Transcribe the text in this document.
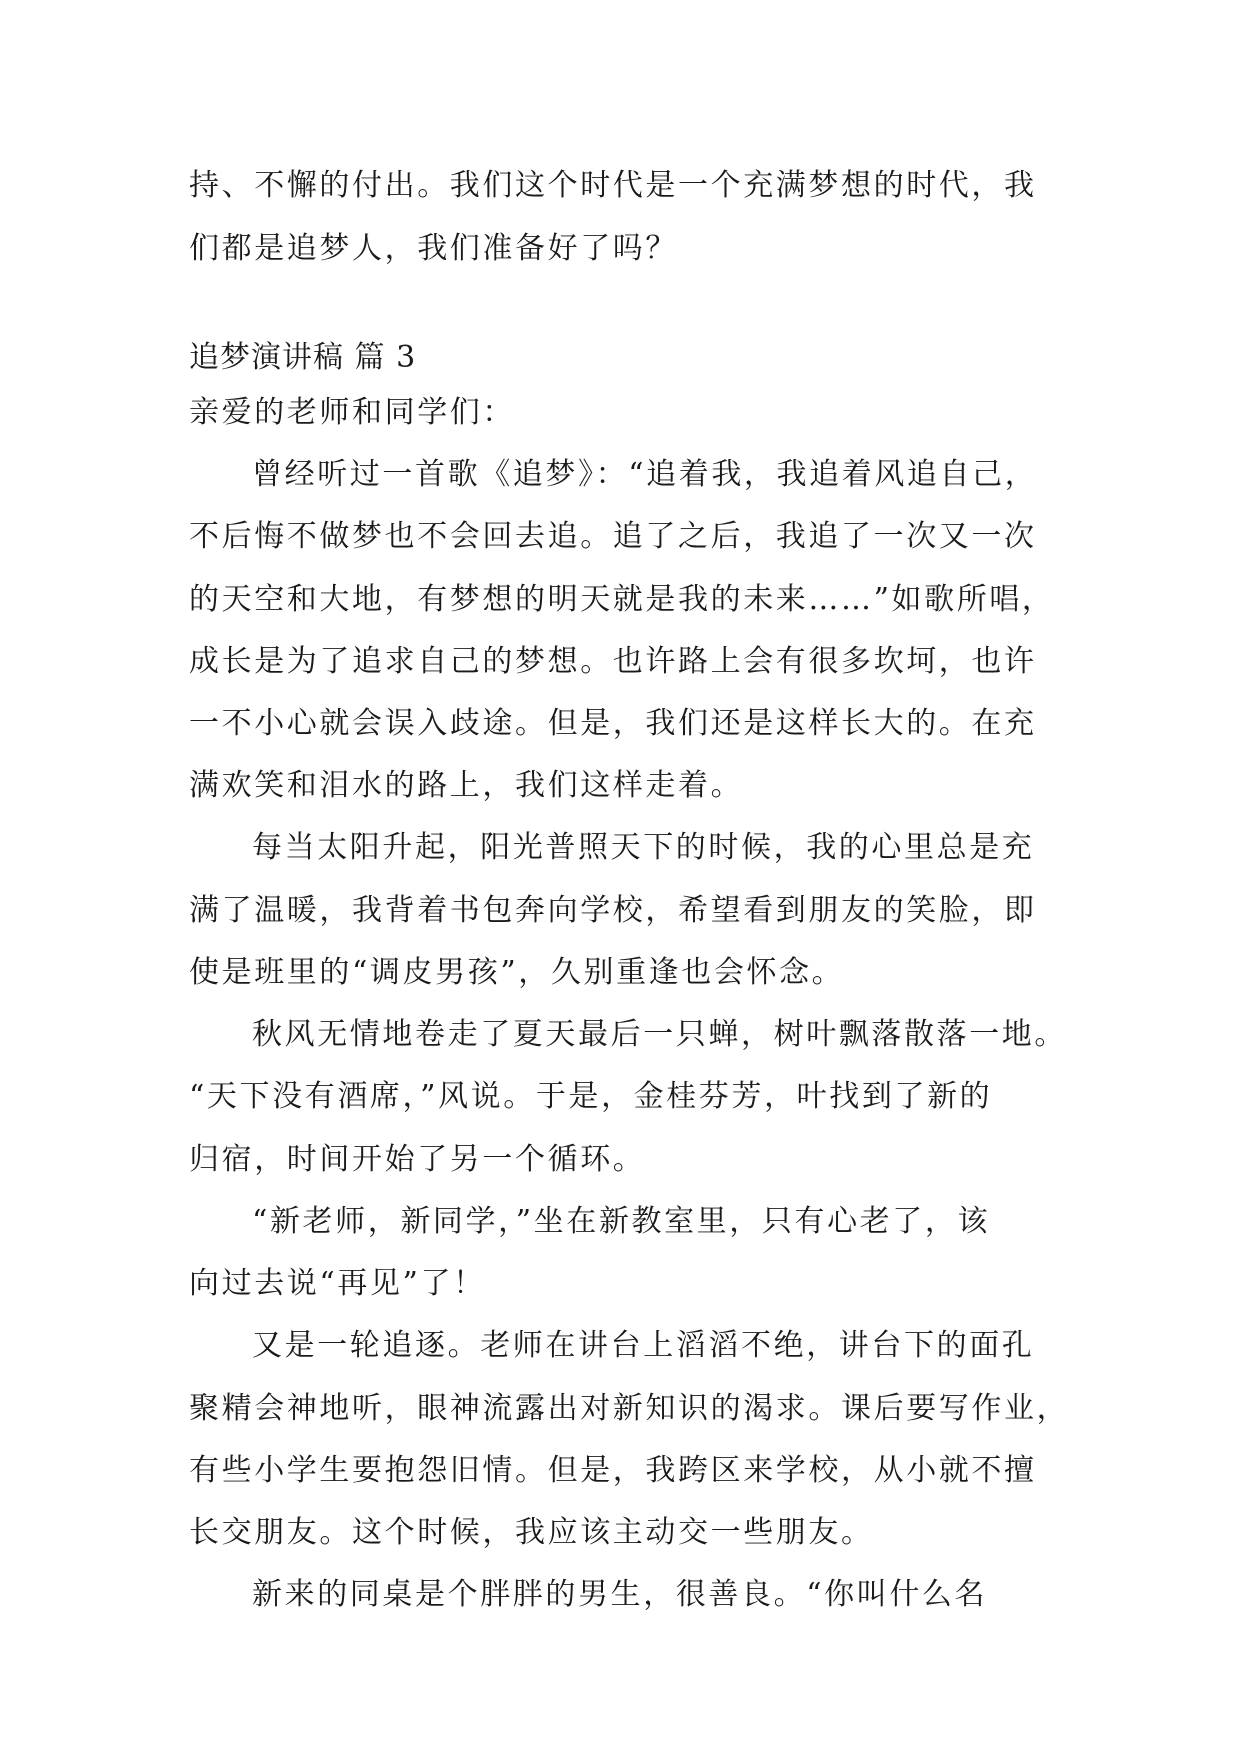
持、不懈的付出。我们这个时代是一个充满梦想的时代，我
们都是追梦人，我们准备好了吗？
追梦演讲稿 篇 3
亲爱的老师和同学们：
曾经听过一首歌《追梦》：“追着我，我追着风追自己，
不后悔不做梦也不会回去追。追了之后，我追了一次又一次
的天空和大地，有梦想的明天就是我的未来……”如歌所唱，
成长是为了追求自己的梦想。也许路上会有很多坎坷，也许
一不小心就会误入歧途。但是，我们还是这样长大的。在充
满欢笑和泪水的路上，我们这样走着。
每当太阳升起，阳光普照天下的时候，我的心里总是充
满了温暖，我背着书包奔向学校，希望看到朋友的笑脸，即
使是班里的“调皮男孩”，久别重逢也会怀念。
秋风无情地卷走了夏天最后一只蝉，树叶飘落散落一地。
“天下没有酒席，”风说。于是，金桂芬芳，叶找到了新的
归宿，时间开始了另一个循环。
“新老师，新同学，”坐在新教室里，只有心老了，该
向过去说“再见”了！
又是一轮追逐。老师在讲台上滔滔不绝，讲台下的面孔
聚精会神地听，眼神流露出对新知识的渴求。课后要写作业，
有些小学生要抱怨旧情。但是，我跨区来学校，从小就不擅
长交朋友。这个时候，我应该主动交一些朋友。
新来的同桌是个胖胖的男生，很善良。“你叫什么名
